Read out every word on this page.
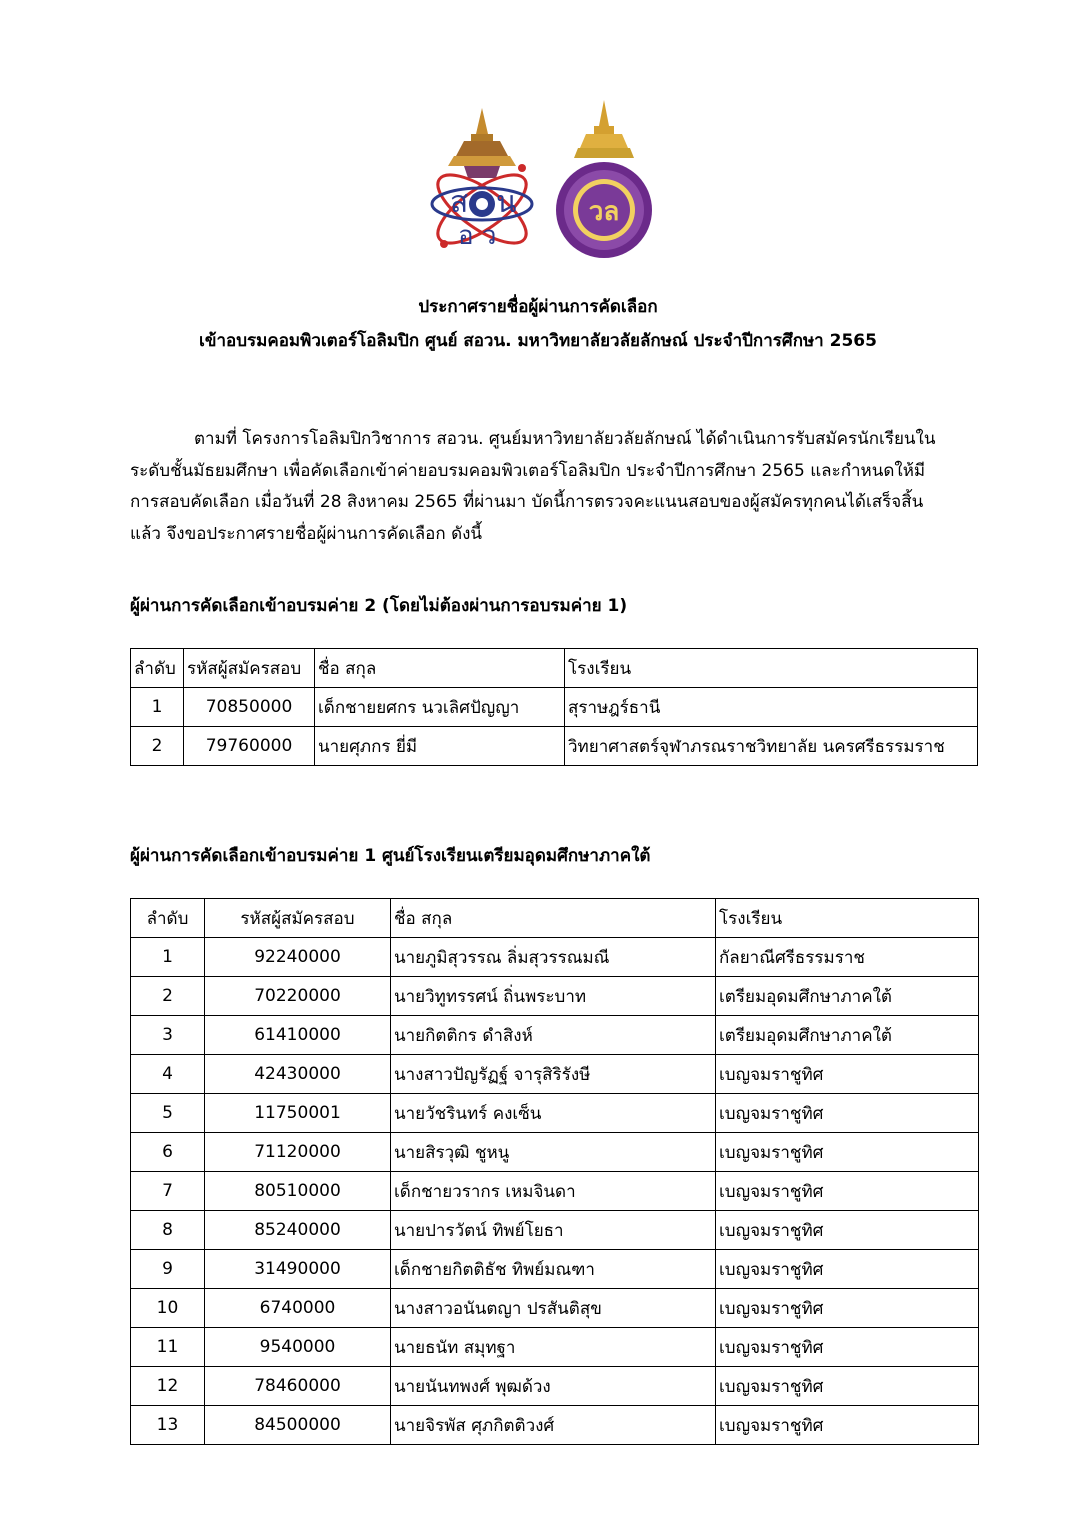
ส น
อ ว
วล
ประกาศรายชื่อผู้ผ่านการคัดเลือก
เข้าอบรมคอมพิวเตอร์โอลิมปิก ศูนย์ สอวน. มหาวิทยาลัยวลัยลักษณ์ ประจำปีการศึกษา 2565
ตามที่ โครงการโอลิมปิกวิชาการ สอวน. ศูนย์มหาวิทยาลัยวลัยลักษณ์ ได้ดำเนินการรับสมัครนักเรียนในระดับชั้นมัธยมศึกษา เพื่อคัดเลือกเข้าค่ายอบรมคอมพิวเตอร์โอลิมปิก ประจำปีการศึกษา 2565 และกำหนดให้มีการสอบคัดเลือก เมื่อวันที่ 28 สิงหาคม 2565 ที่ผ่านมา บัดนี้การตรวจคะแนนสอบของผู้สมัครทุกคนได้เสร็จสิ้นแล้ว จึงขอประกาศรายชื่อผู้ผ่านการคัดเลือก ดังนี้
ผู้ผ่านการคัดเลือกเข้าอบรมค่าย 2 (โดยไม่ต้องผ่านการอบรมค่าย 1)
ลำดับ	รหัสผู้สมัครสอบ	ชื่อ สกุล	โรงเรียน
1	70850000	เด็กชายยศกร นวเลิศปัญญา	สุราษฎร์ธานี
2	79760000	นายศุภกร ยี่มี	วิทยาศาสตร์จุฬาภรณราชวิทยาลัย นครศรีธรรมราช
ผู้ผ่านการคัดเลือกเข้าอบรมค่าย 1 ศูนย์โรงเรียนเตรียมอุดมศึกษาภาคใต้
ลำดับ	รหัสผู้สมัครสอบ	ชื่อ สกุล	โรงเรียน
1	92240000	นายภูมิสุวรรณ ลิ่มสุวรรณมณี	กัลยาณีศรีธรรมราช
2	70220000	นายวิทูทรรศน์ ถิ่นพระบาท	เตรียมอุดมศึกษาภาคใต้
3	61410000	นายกิตติกร ดำสิงห์	เตรียมอุดมศึกษาภาคใต้
4	42430000	นางสาวปัญรัฏฐ์ จารุสิริรังษี	เบญจมราชูทิศ
5	11750001	นายวัชรินทร์ คงเซ็น	เบญจมราชูทิศ
6	71120000	นายสิรวุฒิ ชูหนู	เบญจมราชูทิศ
7	80510000	เด็กชายวรากร เหมจินดา	เบญจมราชูทิศ
8	85240000	นายปารวัตน์ ทิพย์โยธา	เบญจมราชูทิศ
9	31490000	เด็กชายกิตติธัช ทิพย์มณฑา	เบญจมราชูทิศ
10	6740000	นางสาวอนันตญา ปรสันติสุข	เบญจมราชูทิศ
11	9540000	นายธนัท สมุทฐา	เบญจมราชูทิศ
12	78460000	นายนันทพงศ์ พุฒด้วง	เบญจมราชูทิศ
13	84500000	นายจิรพัส ศุภกิตติวงศ์	เบญจมราชูทิศ
